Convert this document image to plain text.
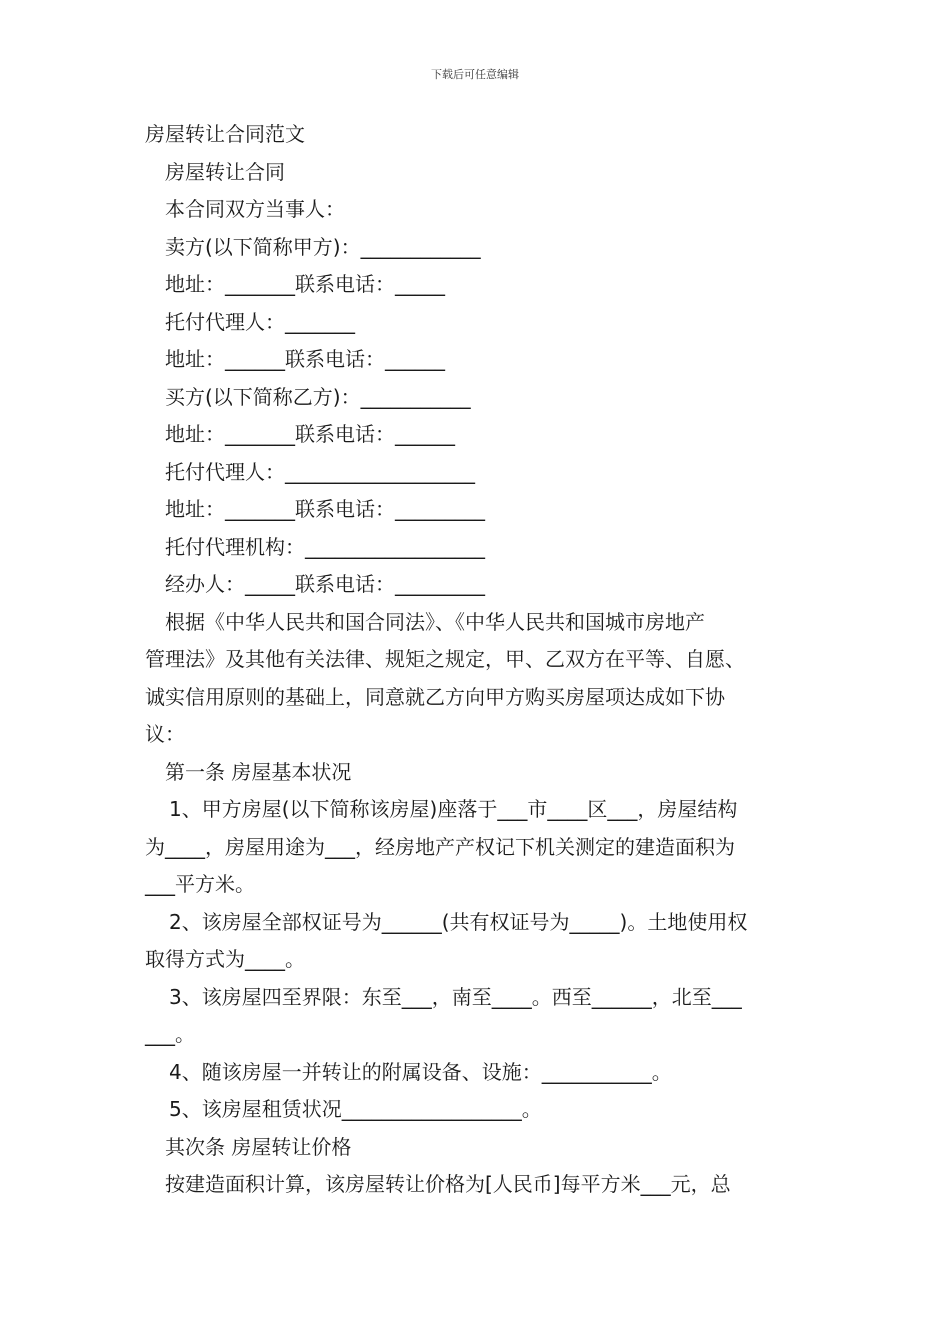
下载后可任意编辑
房屋转让合同范文
房屋转让合同
本合同双方当事人：
卖方(以下简称甲方)：____________
地址：_______联系电话：_____
托付代理人：_______
地址：______联系电话：______
买方(以下简称乙方)：___________
地址：_______联系电话：______
托付代理人：___________________
地址：_______联系电话：_________
托付代理机构：__________________
经办人：_____联系电话：_________
根据《中华人民共和国合同法》、《中华人民共和国城市房地产
管理法》及其他有关法律、规矩之规定，甲、乙双方在平等、自愿、
诚实信用原则的基础上，同意就乙方向甲方购买房屋项达成如下协
议：
第一条 房屋基本状况
1、甲方房屋(以下简称该房屋)座落于___市____区___，房屋结构
为____，房屋用途为___，经房地产产权记下机关测定的建造面积为
___平方米。
2、该房屋全部权证号为______(共有权证号为_____)。土地使用权
取得方式为____。
3、该房屋四至界限：东至___，南至____。西至______，北至___
___。
4、随该房屋一并转让的附属设备、设施：___________。
5、该房屋租赁状况__________________。
其次条 房屋转让价格
按建造面积计算，该房屋转让价格为[人民币]每平方米___元，总
